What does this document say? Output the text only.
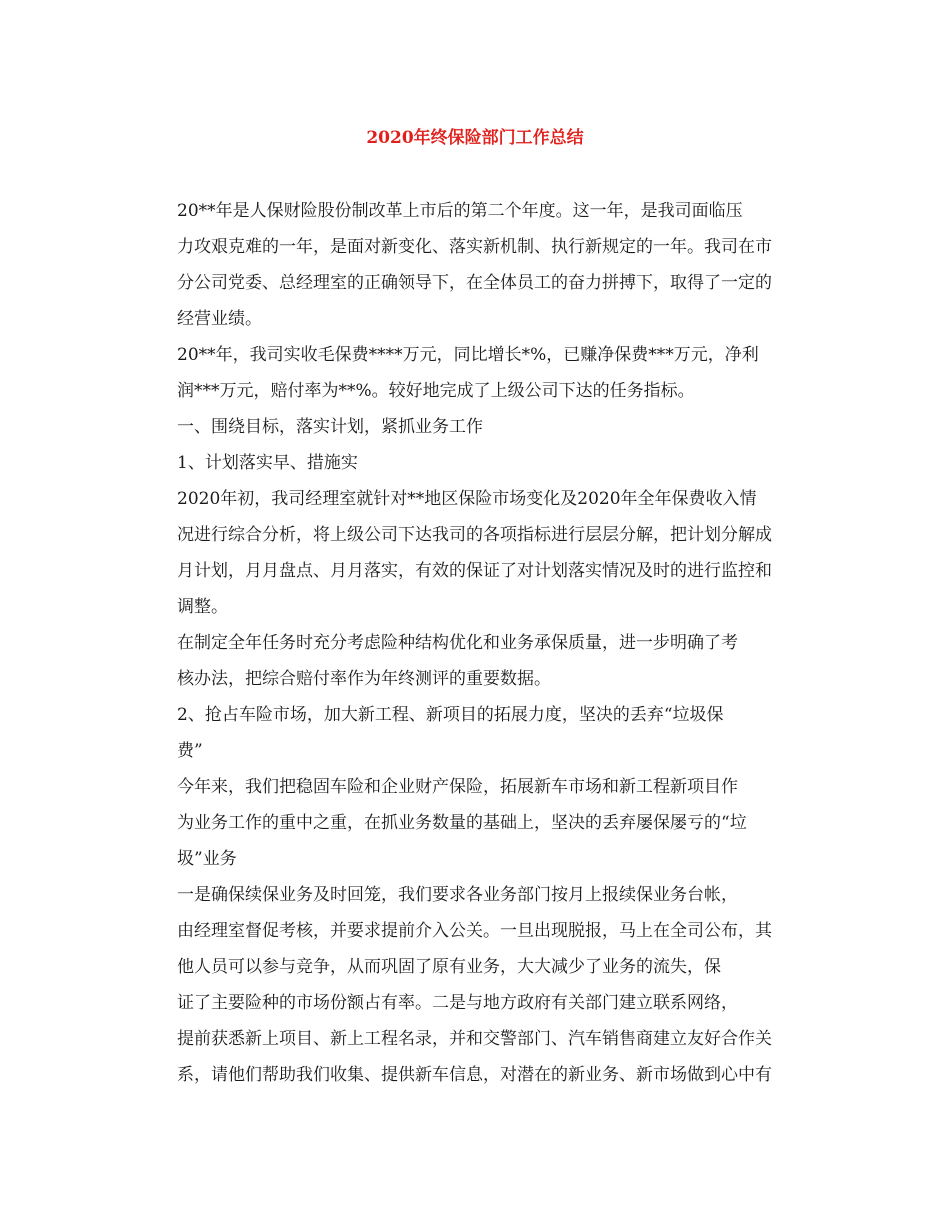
2020年终保险部门工作总结

20**年是人保财险股份制改革上市后的第二个年度。这一年，是我司面临压
力攻艰克难的一年，是面对新变化、落实新机制、执行新规定的一年。我司在市
分公司党委、总经理室的正确领导下，在全体员工的奋力拼搏下，取得了一定的
经营业绩。

20**年，我司实收毛保费****万元，同比增长*%，已赚净保费***万元，净利
润***万元，赔付率为**%。较好地完成了上级公司下达的任务指标。

一、围绕目标，落实计划，紧抓业务工作

1、计划落实早、措施实

2020年初，我司经理室就针对**地区保险市场变化及2020年全年保费收入情
况进行综合分析，将上级公司下达我司的各项指标进行层层分解，把计划分解成
月计划，月月盘点、月月落实，有效的保证了对计划落实情况及时的进行监控和
调整。

在制定全年任务时充分考虑险种结构优化和业务承保质量，进一步明确了考
核办法，把综合赔付率作为年终测评的重要数据。

2、抢占车险市场，加大新工程、新项目的拓展力度，坚决的丢弃“垃圾保
费”

今年来，我们把稳固车险和企业财产保险，拓展新车市场和新工程新项目作
为业务工作的重中之重，在抓业务数量的基础上，坚决的丢弃屡保屡亏的“垃
圾”业务

一是确保续保业务及时回笼，我们要求各业务部门按月上报续保业务台帐，
由经理室督促考核，并要求提前介入公关。一旦出现脱报，马上在全司公布，其
他人员可以参与竞争，从而巩固了原有业务，大大减少了业务的流失，保

证了主要险种的市场份额占有率。二是与地方政府有关部门建立联系网络，
提前获悉新上项目、新上工程名录，并和交警部门、汽车销售商建立友好合作关
系，请他们帮助我们收集、提供新车信息，对潜在的新业务、新市场做到心中有
